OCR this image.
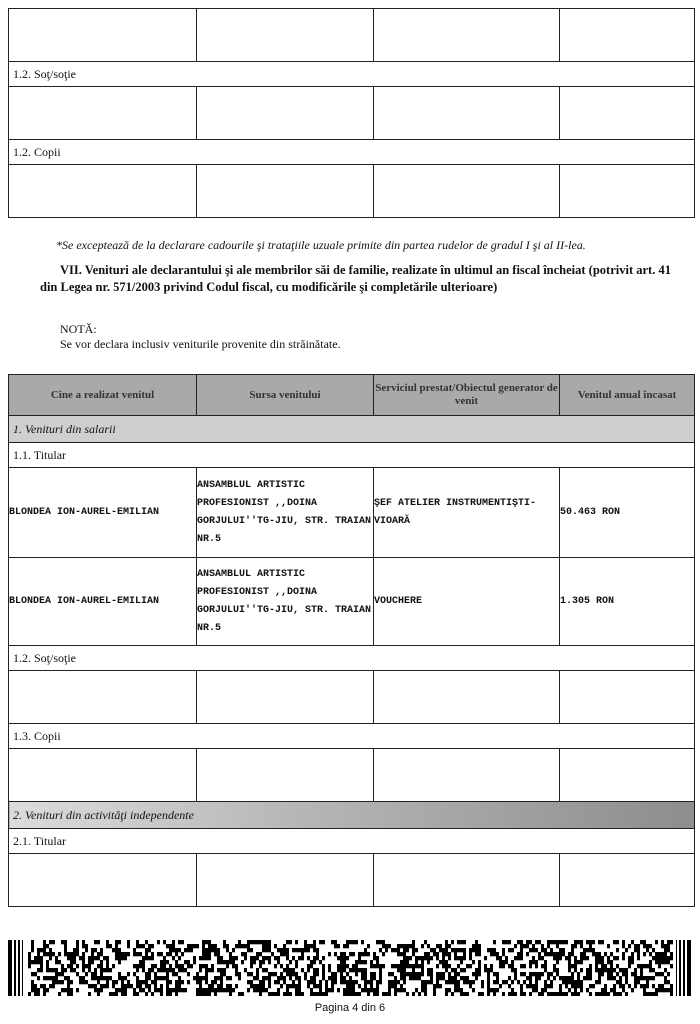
1.2. Soţ/soţie			

1.2. Copii			

*Se exceptează de la declarare cadourile şi trataţiile uzuale primite din partea rudelor de gradul I şi al II-lea.
VII. Venituri ale declarantului şi ale membrilor săi de familie, realizate în ultimul an fiscal încheiat (potrivit art. 41 din Legea nr. 571/2003 privind Codul fiscal, cu modificările şi completările ulterioare)
NOTĂ:
Se vor declara inclusiv veniturile provenite din străinătate.
Cine a realizat venitul	Sursa venitului	Serviciul prestat/Obiectul generator de venit	Venitul anual încasat
1. Venituri din salarii			
1.1. Titular			
BLONDEA ION-AUREL-EMILIAN	ANSAMBLUL ARTISTIC PROFESIONIST ,,DOINA GORJULUI''TG-JIU, STR. TRAIAN NR.5	ŞEF ATELIER INSTRUMENTIŞTI-VIOARĂ	50.463 RON
BLONDEA ION-AUREL-EMILIAN	ANSAMBLUL ARTISTIC PROFESIONIST ,,DOINA GORJULUI''TG-JIU, STR. TRAIAN NR.5	VOUCHERE	1.305 RON
1.2. Soţ/soţie			

1.3. Copii			

2. Venituri din activităţi independente			
2.1. Titular			

Pagina 4 din 6
